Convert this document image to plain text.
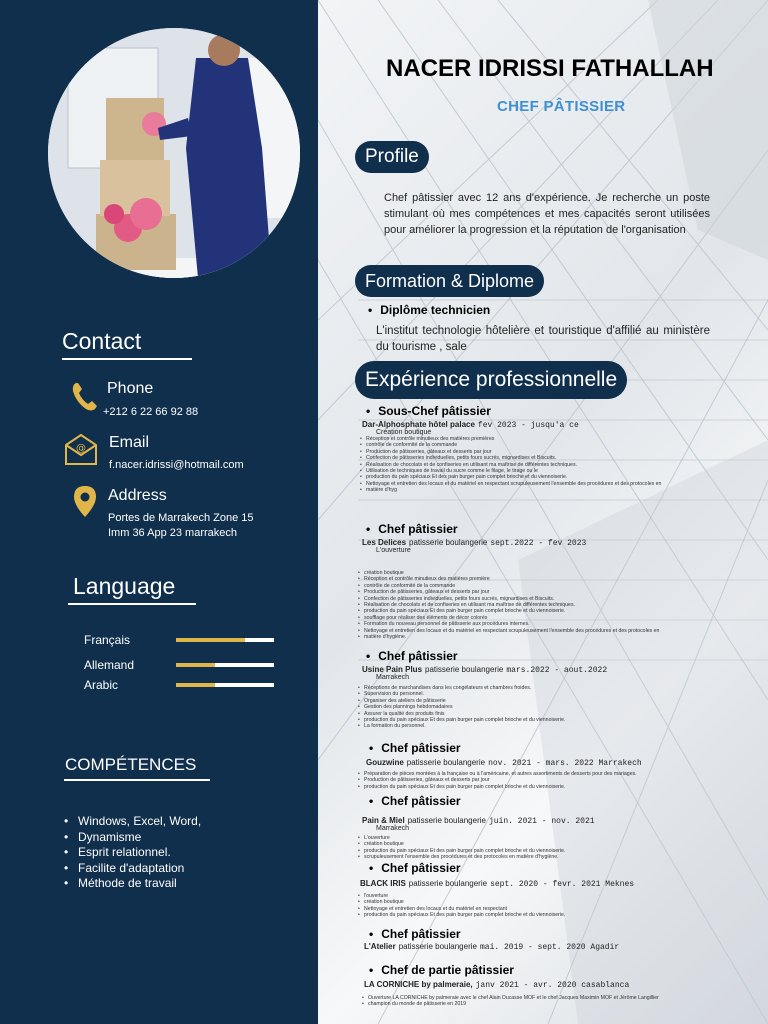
Contact
Phone
+212 6 22 66 92 88
@ Email
f.nacer.idrissi@hotmail.com
Address
Portes de Marrakech Zone 15
Imm 36 App 23 marrakech
Language
Français
Allemand
Arabic
COMPÉTENCES
• Windows, Excel, Word,
• Dynamisme
• Esprit relationnel.
• Facilite d'adaptation
• Méthode de travail
NACER IDRISSI FATHALLAH
CHEF PÂTISSIER
Profile
Chef pâtissier avec 12 ans d'expérience. Je recherche un poste stimulant où mes compétences et mes capacités seront utilisées pour améliorer la progression et la réputation de l'organisation
Formation & Diplome
• Diplôme technicien
L'institut technologie hôtelière et touristique d'affilié au ministère du tourisme , sale
Expérience professionnelle
• Sous-Chef pâtissier
Dar-Alphosphate hôtel palace fev 2023 - jusqu'a ce
Création boutique
• Réception et contrôle minutieux des matières premières
• contrôle de conformité de la commande
• Production de pâtisseries, gâteaux et desserts par jour
• Confection de pâtisseries individuelles, petits fours sucrés, mignardises et Biscuits.
• Réalisation de chocolats et de confiseries en utilisant ma maîtrise de différentes techniques.
• Utilisation de techniques de travail du sucre comme le filage, le tirage ou le
• production du pain spéciaux Et des pain burger pain complet brioche et du viennoiserie.
• Nettoyage et entretien des locaux et du matériel en respectant scrupuleusement l'ensemble des procédures et des protocoles en
• matière d'hyg
• Chef pâtissier
Les Delices patisserie boulangerie sept.2022 - fev 2023
L'ouverture
• création boutique
• Réception et contrôle minutieux des matières première
• contrôle de conformité de la commande
• Production de pâtisseries, gâteaux et desserts par jour
• Confection de pâtisseries individuelles, petits fours sucrés, mignardises et Biscuits.
• Réalisation de chocolats et de confiseries en utilisant ma maîtrise de différentes techniques.
• production du pain spéciaux Et des pain burger pain complet brioche et du viennoiserie.
• soufflage pour réaliser des éléments de décor colorés
• Formation du nouveau personnel de pâtisserie aux procédures internes.
• Nettoyage et entretien des locaux et du matériel en respectant scrupuleusement l'ensemble des procédures et des protocoles en
• matière d'hygiène.
• Chef pâtissier
Usine Pain Plus patisserie boulangerie mars.2022 - aout.2022
Marrakech
• Réceptions de marchandises dans les congélateurs et chambres froides.
• Supervision du personnel.
• Organiser des ateliers de pâtisserie
• Gestion des plannings hebdomadaires
• Assurer la qualité des produits finis
• production du pain spéciaux Et des pain burger pain complet brioche et du viennoiserie.
• La formation du personnel.
• Chef pâtissier
Gouzwine patisserie boulangerie nov. 2021 - mars. 2022 Marrakech
• Préparation de pièces montées à la française ou à l'américaine, et autres assortiments de desserts pour des mariages.
• Production de pâtisseries, gâteaux et desserts par jour
• production du pain spéciaux Et des pain burger pain complet brioche et du viennoiserie.
• Chef pâtissier
Pain & Miel patisserie boulangerie juin. 2021 - nov. 2021
Marrakech
• L'ouverture
• création boutique
• production du pain spéciaux Et des pain burger pain complet brioche et du viennoiserie.
• scrupuleusement l'ensemble des procédures et des protocoles en matière d'hygiène.
• Chef pâtissier
BLACK IRIS patisserie boulangerie sept. 2020 - fevr. 2021 Meknes
• l'ouverture
• création boutique
• Nettoyage et entretien des locaux et du matériel en respectant
• production du pain spéciaux Et des pain burger pain complet brioche et du viennoiserie.
• Chef pâtissier
L'Atelier patisserie boulangerie mai. 2019 - sept. 2020 Agadir
• Chef de partie pâtissier
LA CORNICHE by palmeraie, janv 2021 - avr. 2020 casablanca
• Ouverture LA CORNICHE by palmeraie avec le chef Alain Ducasse MOF et le chef Jacques Maximin MOF et Jérôme Langillier
• champion du monde de pâtisserie en 2019
